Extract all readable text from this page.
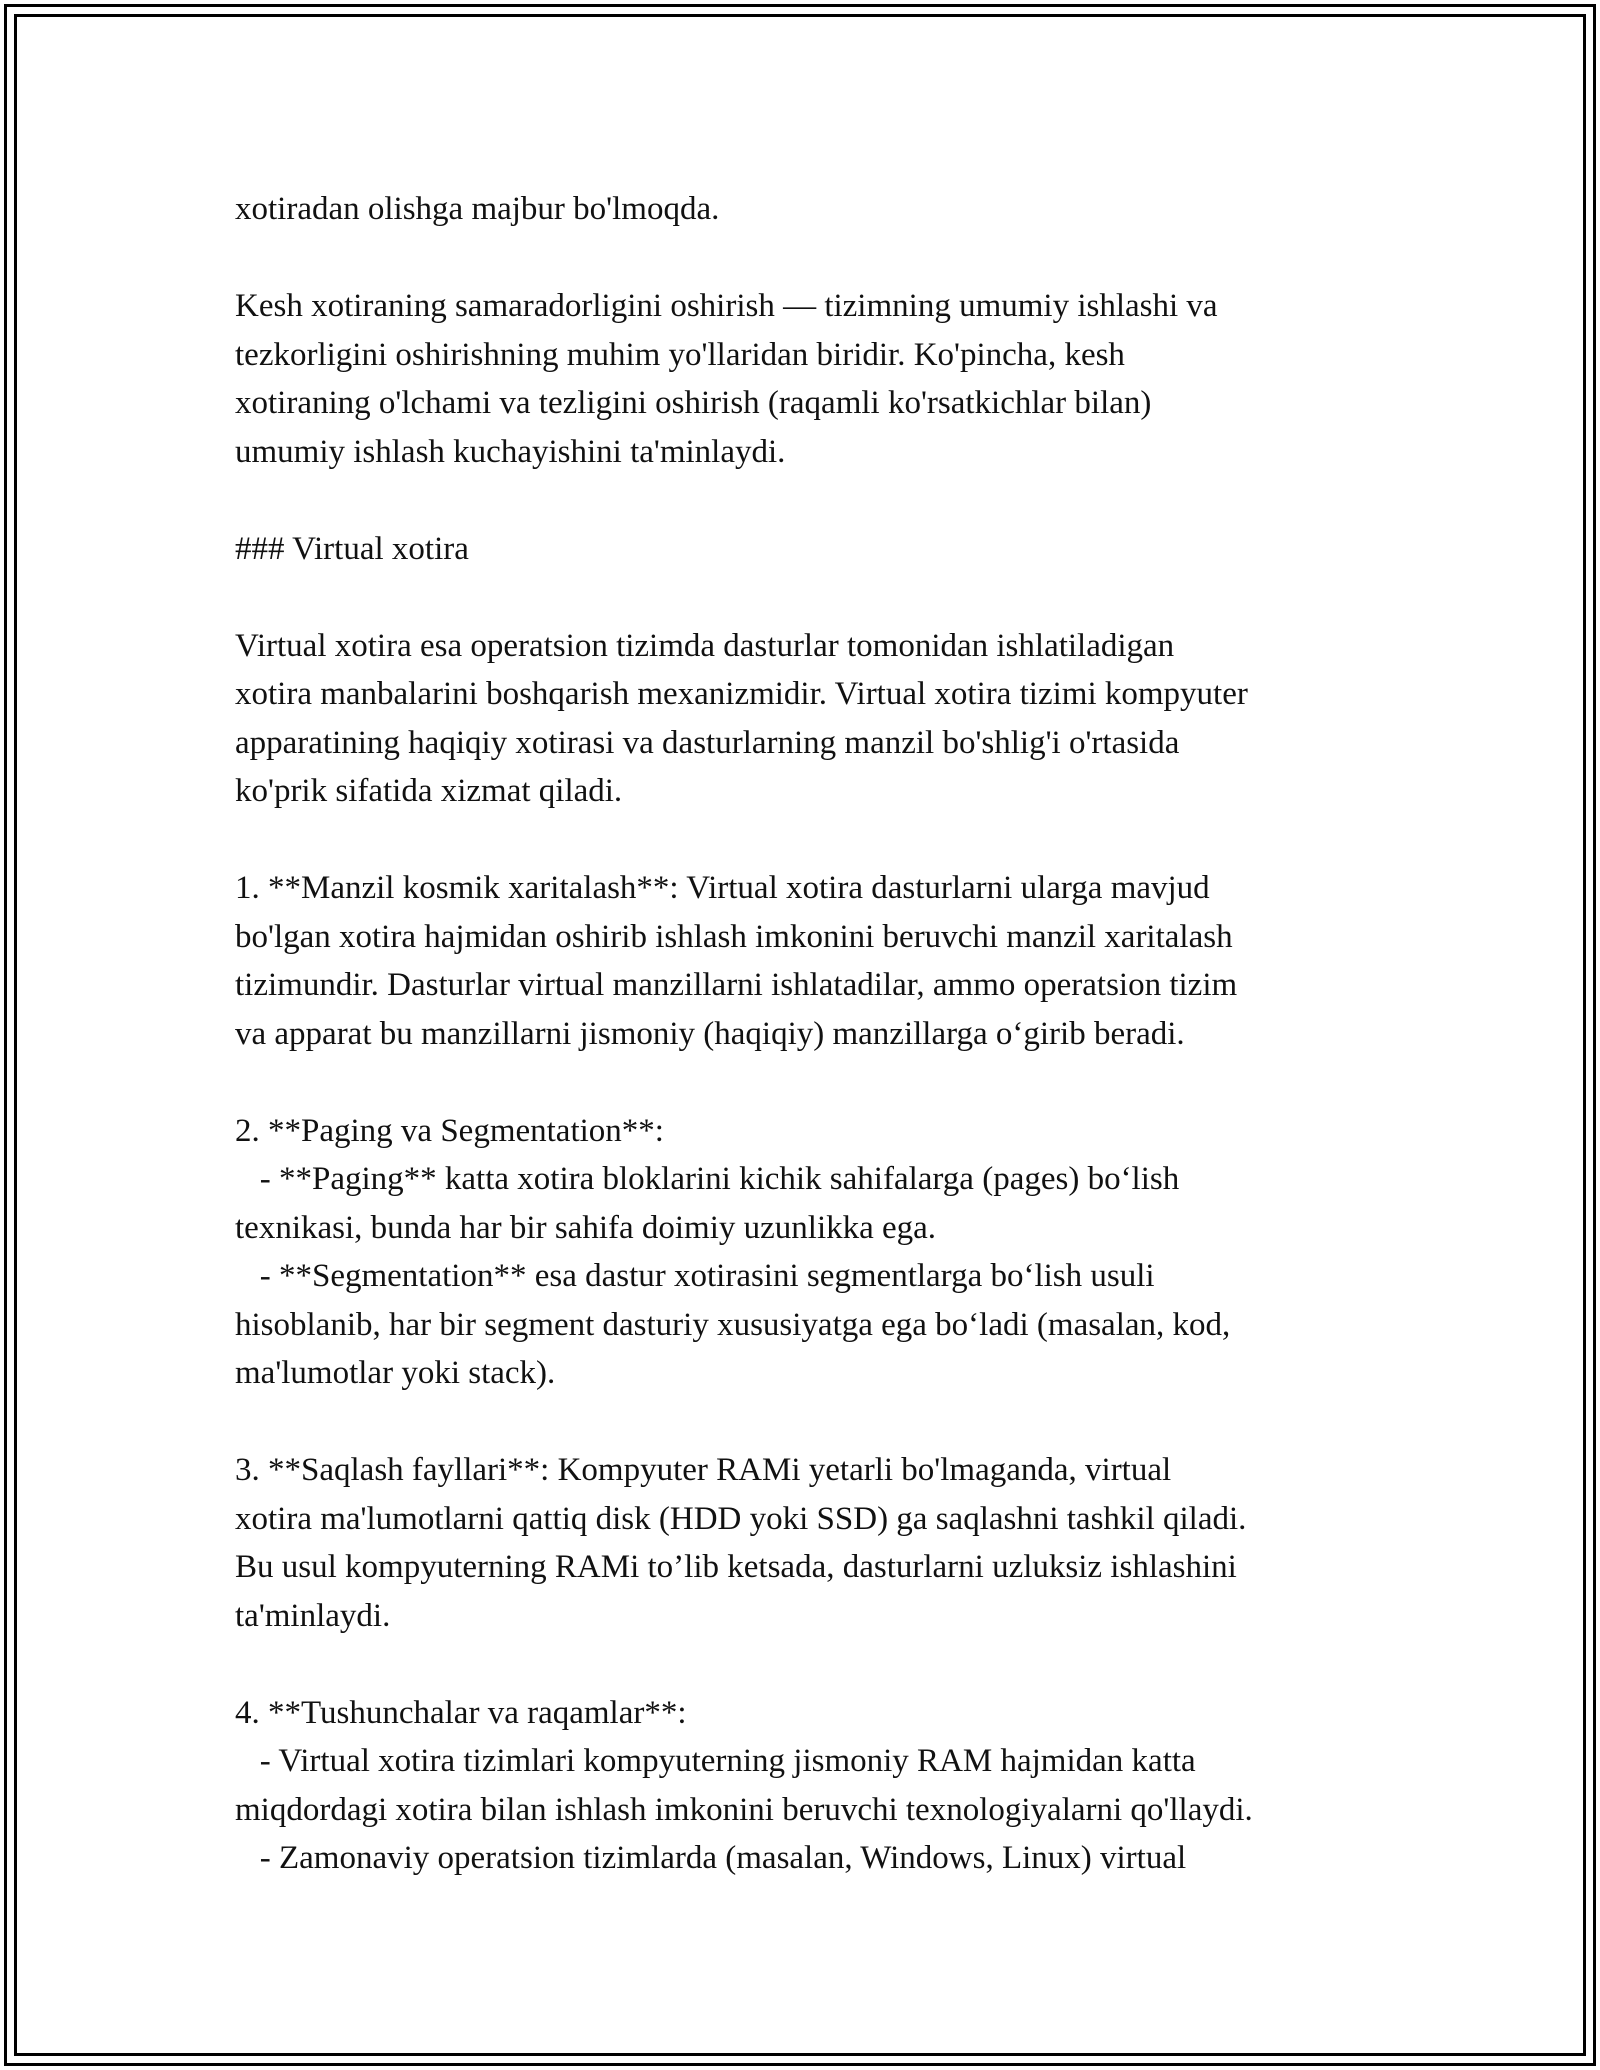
xotiradan olishga majbur bo'lmoqda.
Kesh xotiraning samaradorligini oshirish — tizimning umumiy ishlashi va
tezkorligini oshirishning muhim yo'llaridan biridir. Ko'pincha, kesh
xotiraning o'lchami va tezligini oshirish (raqamli ko'rsatkichlar bilan)
umumiy ishlash kuchayishini ta'minlaydi.
### Virtual xotira
Virtual xotira esa operatsion tizimda dasturlar tomonidan ishlatiladigan
xotira manbalarini boshqarish mexanizmidir. Virtual xotira tizimi kompyuter
apparatining haqiqiy xotirasi va dasturlarning manzil bo'shlig'i o'rtasida
ko'prik sifatida xizmat qiladi.
1. **Manzil kosmik xaritalash**: Virtual xotira dasturlarni ularga mavjud
bo'lgan xotira hajmidan oshirib ishlash imkonini beruvchi manzil xaritalash
tizimundir. Dasturlar virtual manzillarni ishlatadilar, ammo operatsion tizim
va apparat bu manzillarni jismoniy (haqiqiy) manzillarga o‘girib beradi.
2. **Paging va Segmentation**:
- **Paging** katta xotira bloklarini kichik sahifalarga (pages) bo‘lish
texnikasi, bunda har bir sahifa doimiy uzunlikka ega.
- **Segmentation** esa dastur xotirasini segmentlarga bo‘lish usuli
hisoblanib, har bir segment dasturiy xususiyatga ega bo‘ladi (masalan, kod,
ma'lumotlar yoki stack).
3. **Saqlash fayllari**: Kompyuter RAMi yetarli bo'lmaganda, virtual
xotira ma'lumotlarni qattiq disk (HDD yoki SSD) ga saqlashni tashkil qiladi.
Bu usul kompyuterning RAMi to’lib ketsada, dasturlarni uzluksiz ishlashini
ta'minlaydi.
4. **Tushunchalar va raqamlar**:
- Virtual xotira tizimlari kompyuterning jismoniy RAM hajmidan katta
miqdordagi xotira bilan ishlash imkonini beruvchi texnologiyalarni qo'llaydi.
- Zamonaviy operatsion tizimlarda (masalan, Windows, Linux) virtual
